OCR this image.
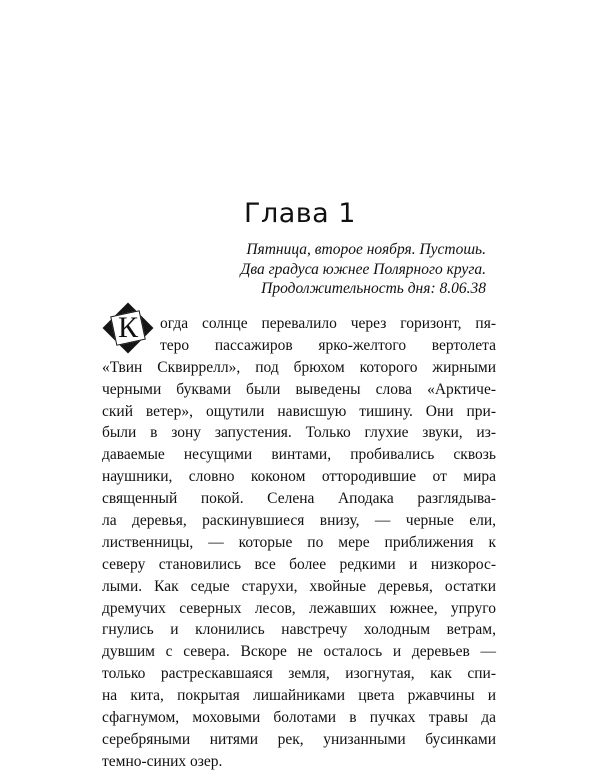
Глава 1
Пятница, второе ноября. Пустошь.
Два градуса южнее Полярного круга.
Продолжительность дня: 8.06.38
К	огда солнце перевалило через горизонт, пя-
теро пассажиров ярко-желтого вертолета
«Твин Сквиррелл», под брюхом которого жирными
черными буквами были выведены слова «Арктиче-
ский ветер», ощутили нависшую тишину. Они при-
были в зону запустения. Только глухие звуки, из-
даваемые несущими винтами, пробивались сквозь
наушники, словно коконом оттородившие от мира
священный покой. Селена Аподака разглядыва-
ла деревья, раскинувшиеся внизу, — черные ели,
лиственницы, — которые по мере приближения к
северу становились все более редкими и низкорос-
лыми. Как седые старухи, хвойные деревья, остатки
дремучих северных лесов, лежавших южнее, упруго
гнулись и клонились навстречу холодным ветрам,
дувшим с севера. Вскоре не осталось и деревьев —
только растрескавшаяся земля, изогнутая, как спи-
на кита, покрытая лишайниками цвета ржавчины и
сфагнумом, моховыми болотами в пучках травы да
серебряными нитями рек, унизанными бусинками
темно-синих озер.
